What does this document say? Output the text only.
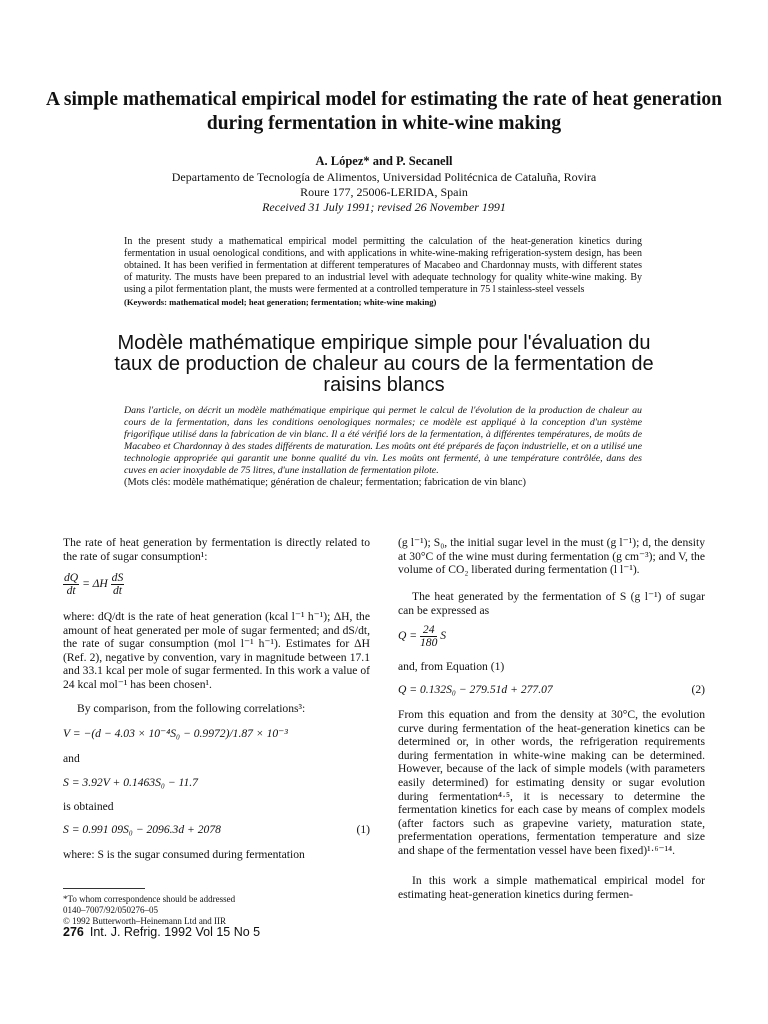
A simple mathematical empirical model for estimating the rate of heat generation during fermentation in white-wine making
A. López* and P. Secanell
Departamento de Tecnología de Alimentos, Universidad Politécnica de Cataluña, Rovira
Roure 177, 25006-LERIDA, Spain
Received 31 July 1991; revised 26 November 1991
In the present study a mathematical empirical model permitting the calculation of the heat-generation kinetics during fermentation in usual oenological conditions, and with applications in white-wine-making refrigeration-system design, has been obtained. It has been verified in fermentation at different temperatures of Macabeo and Chardonnay musts, with different states of maturity. The musts have been prepared to an industrial level with adequate technology for quality white-wine making. By using a pilot fermentation plant, the musts were fermented at a controlled temperature in 75 l stainless-steel vessels
(Keywords: mathematical model; heat generation; fermentation; white-wine making)
Modèle mathématique empirique simple pour l'évaluation du taux de production de chaleur au cours de la fermentation de raisins blancs
Dans l'article, on décrit un modèle mathématique empirique qui permet le calcul de l'évolution de la production de chaleur au cours de la fermentation, dans les conditions oenologiques normales; ce modèle est appliqué à la conception d'un système frigorifique utilisé dans la fabrication de vin blanc. Il a été vérifié lors de la fermentation, à différentes températures, de moûts de Macabeo et Chardonnay à des stades différents de maturation. Les moûts ont été préparés de façon industrielle, et on a utilisé une technologie appropriée qui garantit une bonne qualité du vin. Les moûts ont fermenté, à une température contrôlée, dans des cuves en acier inoxydable de 75 litres, d'une installation de fermentation pilote.
(Mots clés: modèle mathématique; génération de chaleur; fermentation; fabrication de vin blanc)
The rate of heat generation by fermentation is directly related to the rate of sugar consumption¹:
$\frac{dQ}{dt} = \Delta H \frac{dS}{dt}$
where: dQ/dt is the rate of heat generation (kcal l⁻¹ h⁻¹); ΔH, the amount of heat generated per mole of sugar fermented; and dS/dt, the rate of sugar consumption (mol l⁻¹ h⁻¹). Estimates for ΔH (Ref. 2), negative by convention, vary in magnitude between 17.1 and 33.1 kcal per mole of sugar fermented. In this work a value of 24 kcal mol⁻¹ has been chosen¹.
By comparison, from the following correlations³:
V = −(d − 4.03 × 10⁻⁴S₀ − 0.9972)/1.87 × 10⁻³
and
S = 3.92V + 0.1463S₀ − 11.7
is obtained
S = 0.991 09S₀ − 2096.3d + 2078	(1)
where: S is the sugar consumed during fermentation
(g l⁻¹); S₀, the initial sugar level in the must (g l⁻¹); d, the density at 30°C of the wine must during fermentation (g cm⁻³); and V, the volume of CO₂ liberated during fermentation (l l⁻¹).
The heat generated by the fermentation of S (g l⁻¹) of sugar can be expressed as
$Q = \frac{24}{180}$ S
and, from Equation (1)
Q = 0.132S₀ − 279.51d + 277.07	(2)
From this equation and from the density at 30°C, the evolution curve during fermentation of the heat-generation kinetics can be determined or, in other words, the refrigeration requirements during fermentation in white-wine making can be determined. However, because of the lack of simple models (with parameters easily determined) for estimating density or sugar evolution during fermentation⁴·⁵, it is necessary to determine the fermentation kinetics for each case by means of complex models (after factors such as grapevine variety, maturation state, prefermentation operations, fermentation temperature and size and shape of the fermentation vessel have been fixed)¹·⁶⁻¹⁴.
In this work a simple mathematical empirical model for estimating heat-generation kinetics during fermen-
*To whom correspondence should be addressed
0140–7007/92/050276–05
© 1992 Butterworth–Heinemann Ltd and IIR
276 Int. J. Refrig. 1992 Vol 15 No 5
